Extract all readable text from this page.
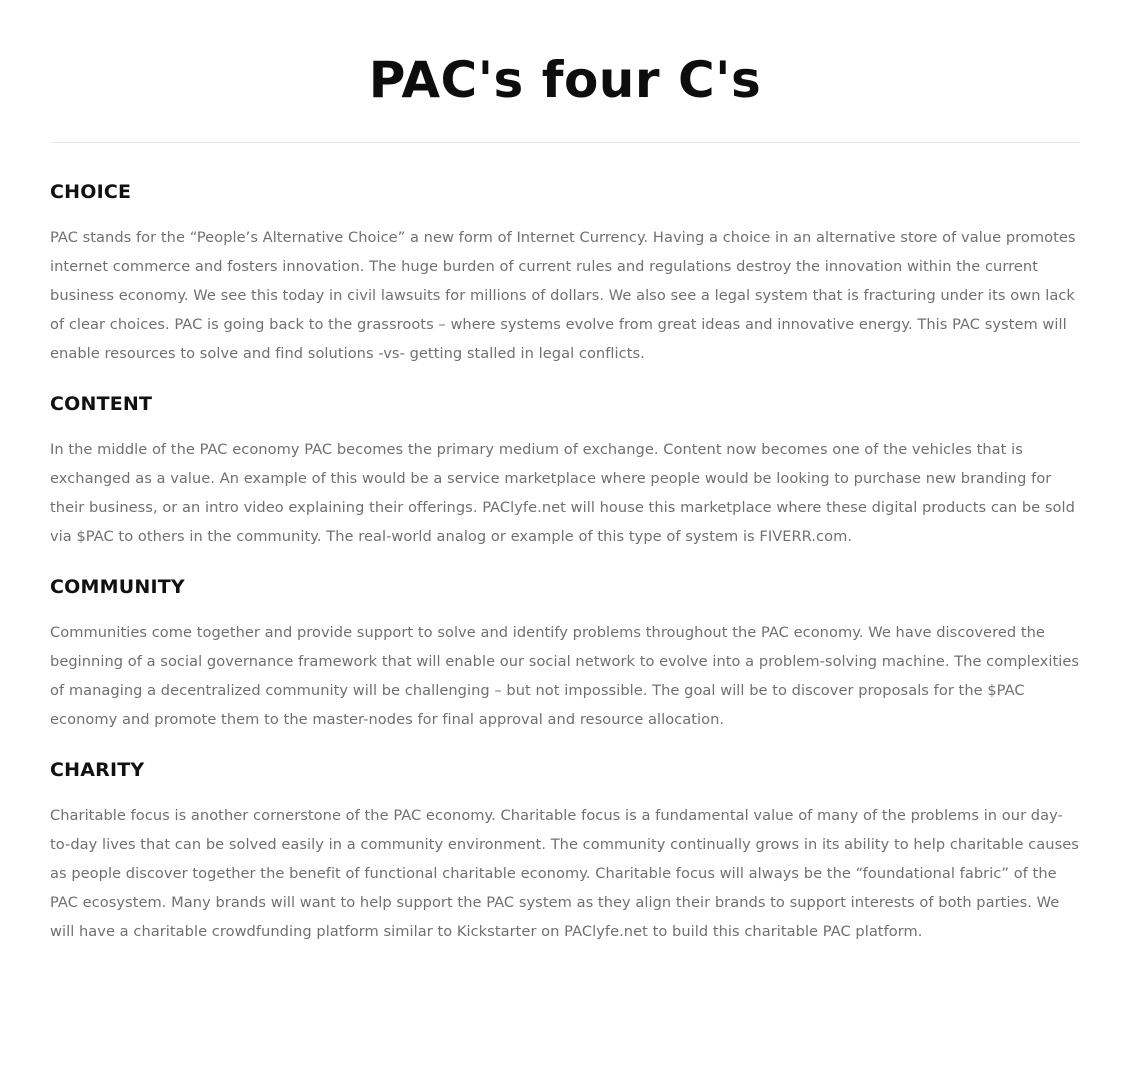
PAC's four C's
CHOICE

PAC stands for the “People’s Alternative Choice” a new form of Internet Currency. Having a choice in an alternative store of value promotes internet commerce and fosters innovation. The huge burden of current rules and regulations destroy the innovation within the current business economy. We see this today in civil lawsuits for millions of dollars. We also see a legal system that is fracturing under its own lack of clear choices. PAC is going back to the grassroots – where systems evolve from great ideas and innovative energy. This PAC system will enable resources to solve and find solutions -vs- getting stalled in legal conflicts.

CONTENT

In the middle of the PAC economy PAC becomes the primary medium of exchange. Content now becomes one of the vehicles that is exchanged as a value. An example of this would be a service marketplace where people would be looking to purchase new branding for their business, or an intro video explaining their offerings. PAClyfe.net will house this marketplace where these digital products can be sold via $PAC to others in the community. The real-world analog or example of this type of system is FIVERR.com.

COMMUNITY

Communities come together and provide support to solve and identify problems throughout the PAC economy. We have discovered the beginning of a social governance framework that will enable our social network to evolve into a problem-solving machine. The complexities of managing a decentralized community will be challenging – but not impossible. The goal will be to discover proposals for the $PAC economy and promote them to the master-nodes for final approval and resource allocation.

CHARITY

Charitable focus is another cornerstone of the PAC economy. Charitable focus is a fundamental value of many of the problems in our day-to-day lives that can be solved easily in a community environment. The community continually grows in its ability to help charitable causes as people discover together the benefit of functional charitable economy. Charitable focus will always be the “foundational fabric” of the PAC ecosystem. Many brands will want to help support the PAC system as they align their brands to support interests of both parties. We will have a charitable crowdfunding platform similar to Kickstarter on PAClyfe.net to build this charitable PAC platform.
